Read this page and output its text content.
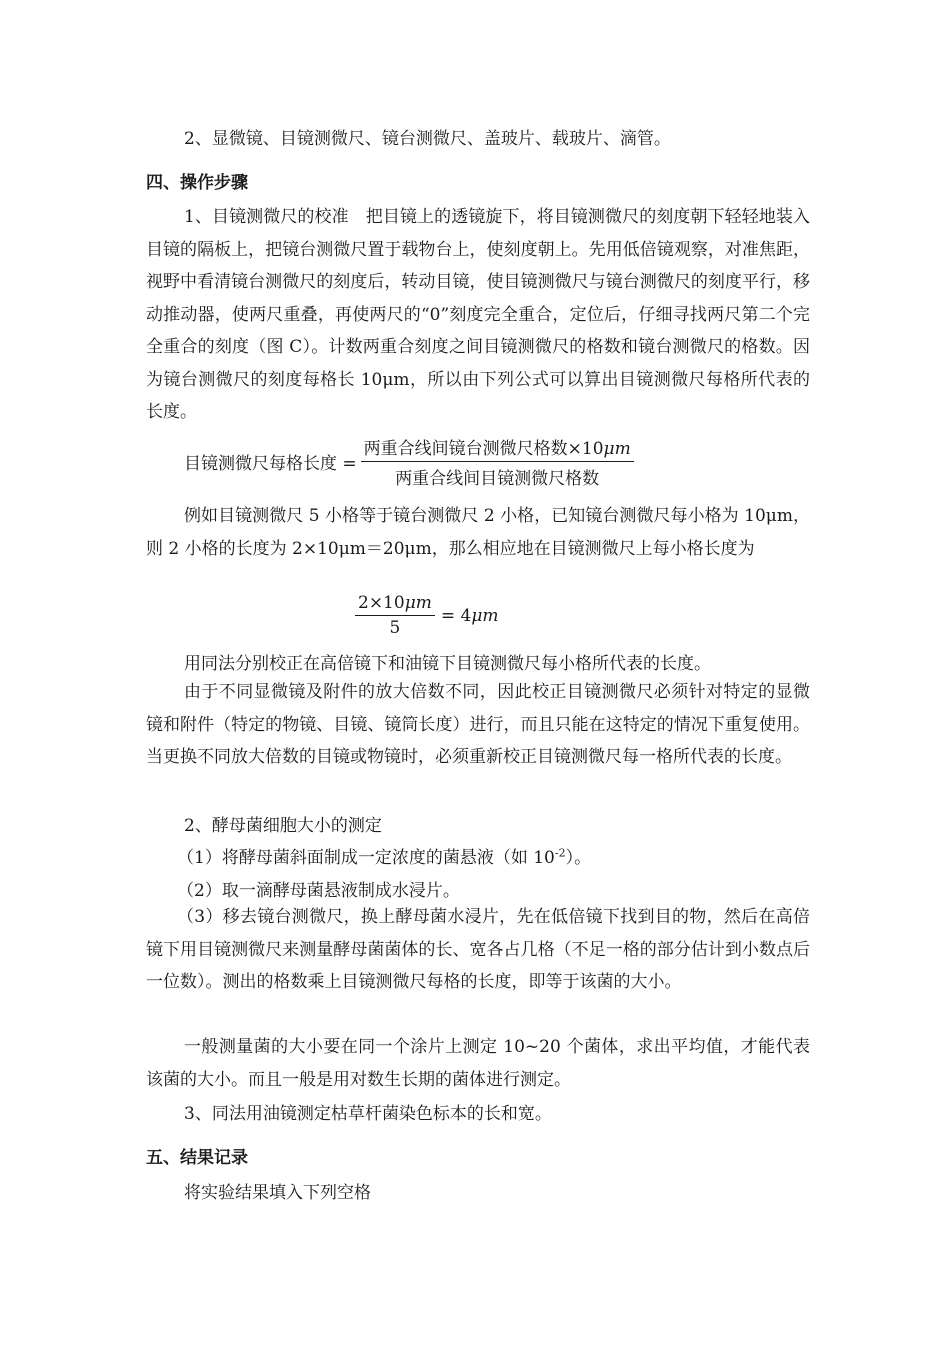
2、显微镜、目镜测微尺、镜台测微尺、盖玻片、载玻片、滴管。

四、操作步骤

1、目镜测微尺的校准　把目镜上的透镜旋下，将目镜测微尺的刻度朝下轻轻地装入目镜的隔板上，把镜台测微尺置于载物台上，使刻度朝上。先用低倍镜观察，对准焦距，视野中看清镜台测微尺的刻度后，转动目镜，使目镜测微尺与镜台测微尺的刻度平行，移动推动器，使两尺重叠，再使两尺的“0”刻度完全重合，定位后，仔细寻找两尺第二个完全重合的刻度（图 C）。计数两重合刻度之间目镜测微尺的格数和镜台测微尺的格数。因为镜台测微尺的刻度每格长 10μm，所以由下列公式可以算出目镜测微尺每格所代表的长度。

目镜测微尺每格长度 = $\frac{\text{两重合线间镜台测微尺格数×10μm}}{\text{两重合线间目镜测微尺格数}}$

例如目镜测微尺 5 小格等于镜台测微尺 2 小格，已知镜台测微尺每小格为 10μm，则 2 小格的长度为 2×10μm＝20μm，那么相应地在目镜测微尺上每小格长度为

$\frac{2\times 10\mu m}{5} = 4\mu m$

用同法分别校正在高倍镜下和油镜下目镜测微尺每小格所代表的长度。

由于不同显微镜及附件的放大倍数不同，因此校正目镜测微尺必须针对特定的显微镜和附件（特定的物镜、目镜、镜筒长度）进行，而且只能在这特定的情况下重复使用。当更换不同放大倍数的目镜或物镜时，必须重新校正目镜测微尺每一格所代表的长度。

2、酵母菌细胞大小的测定

（1）将酵母菌斜面制成一定浓度的菌悬液（如 $10^{-2}$）。

（2）取一滴酵母菌悬液制成水浸片。

（3）移去镜台测微尺，换上酵母菌水浸片，先在低倍镜下找到目的物，然后在高倍镜下用目镜测微尺来测量酵母菌菌体的长、宽各占几格（不足一格的部分估计到小数点后一位数）。测出的格数乘上目镜测微尺每格的长度，即等于该菌的大小。

一般测量菌的大小要在同一个涂片上测定 10~20 个菌体，求出平均值，才能代表该菌的大小。而且一般是用对数生长期的菌体进行测定。

3、同法用油镜测定枯草杆菌染色标本的长和宽。

五、结果记录

将实验结果填入下列空格
